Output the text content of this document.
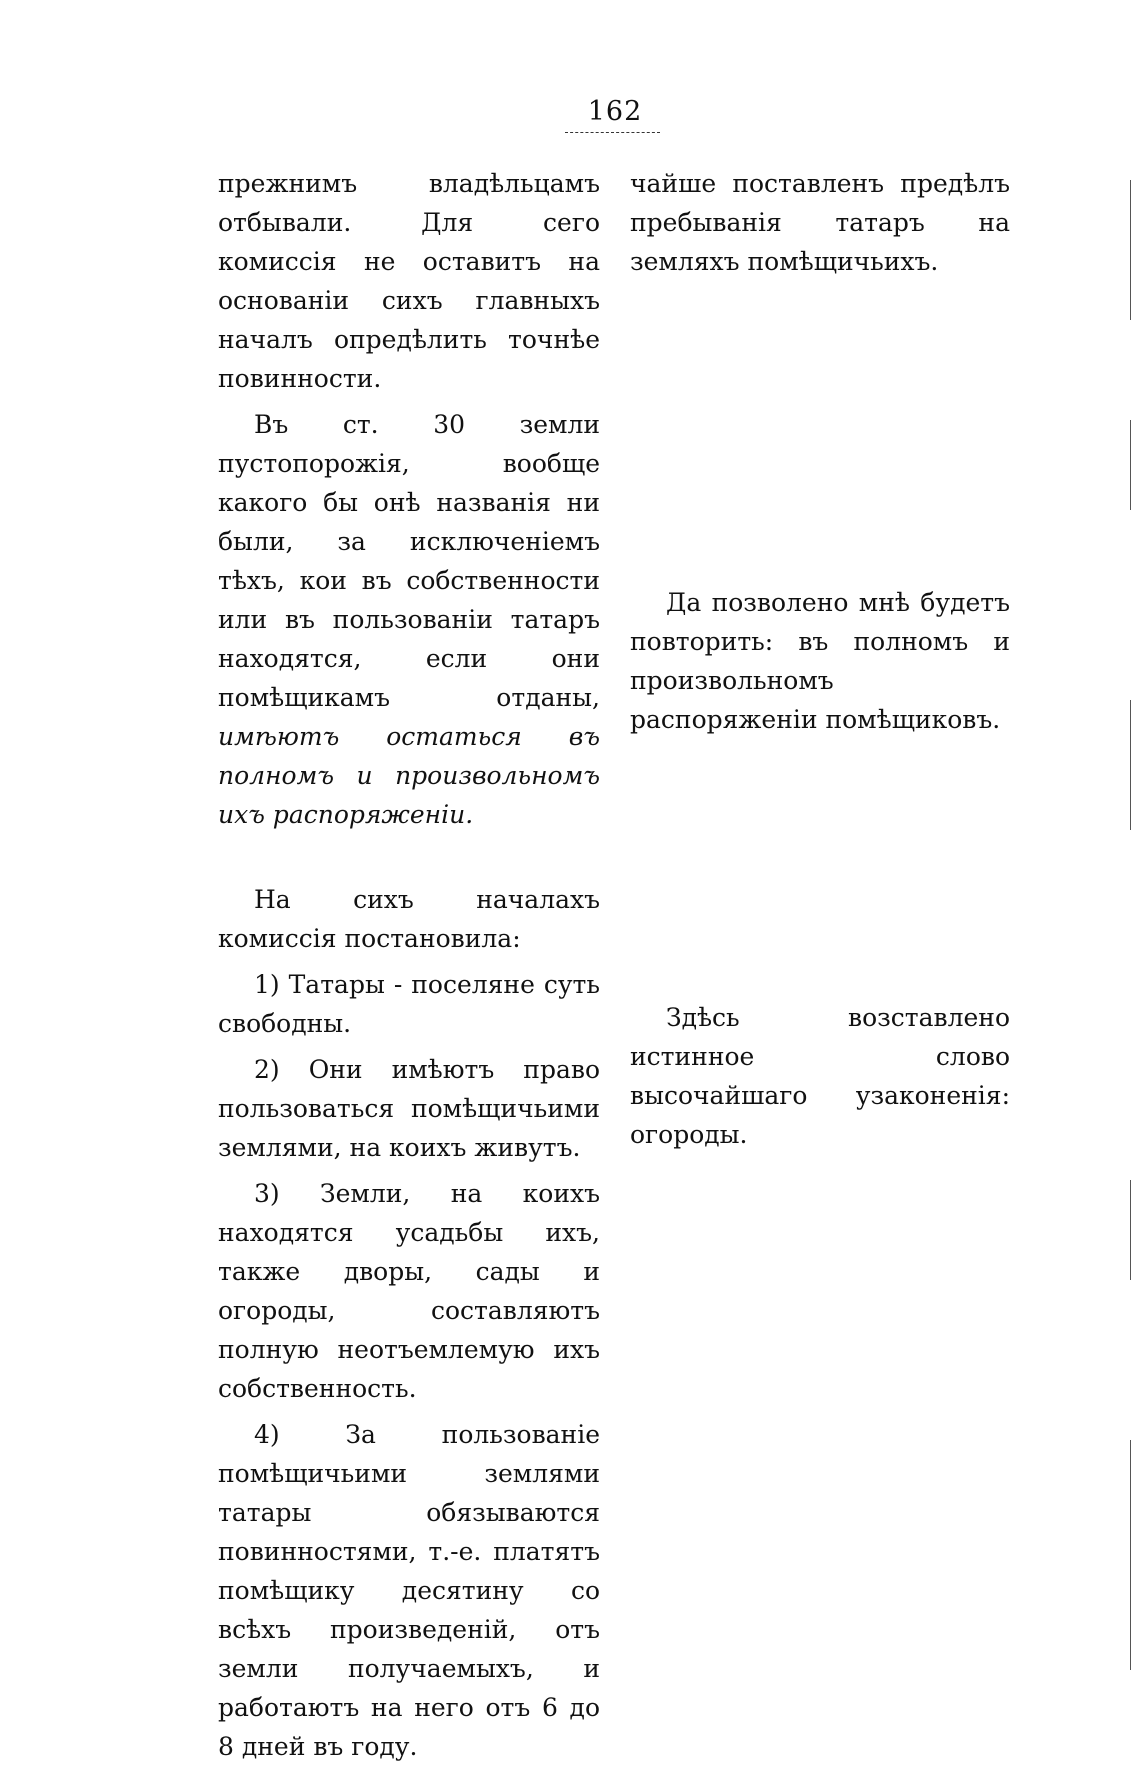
162

прежнимъ владѣльцамъ отбывали. Для сего комиссія не оставитъ на основаніи сихъ главныхъ началъ опредѣлить точнѣе повинности.

Въ ст. 30 земли пустопорожія, вообще какого бы онѣ названія ни были, за исключеніемъ тѣхъ, кои въ собственности или въ пользованіи татаръ находятся, если они помѣщикамъ отданы, имѣютъ остаться въ полномъ и произвольномъ ихъ распоряженіи.

На сихъ началахъ комиссія постановила:

1) Татары - поселяне суть свободны.

2) Они имѣютъ право пользоваться помѣщичьими землями, на коихъ живутъ.

3) Земли, на коихъ находятся усадьбы ихъ, также дворы, сады и огороды, составляютъ полную неотъемлемую ихъ собственность.

4) За пользованіе помѣщичьими землями татары обязываются повинностями, т.-е. платятъ помѣщику десятину со всѣхъ произведеній, отъ земли получаемыхъ, и работаютъ на него отъ 6 до 8 дней въ году.

чайше поставленъ предѣлъ пребыванія татаръ на земляхъ помѣщичьихъ.

Да позволено мнѣ будетъ повторить: въ полномъ и произвольномъ распоряженіи помѣщиковъ.

Здѣсь возставлено истинное слово высочайшаго узаконенія: огороды.
